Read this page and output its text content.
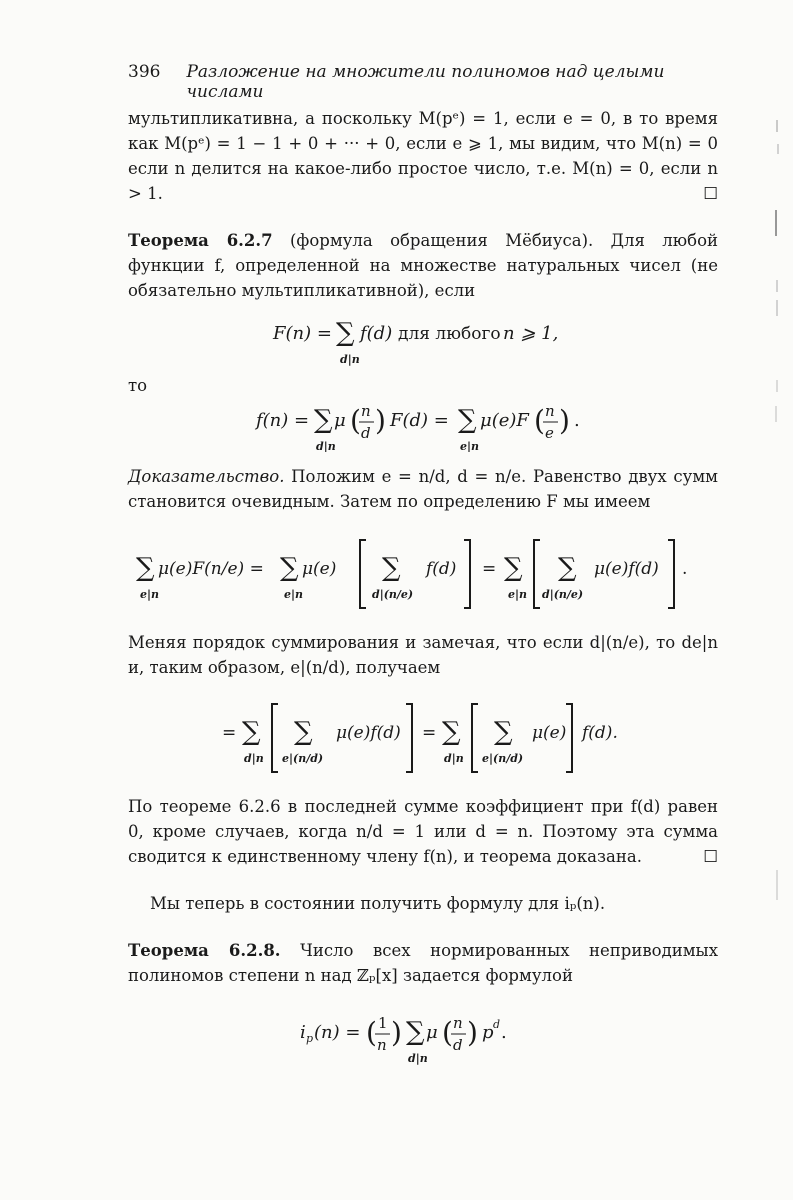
396 Разложение на множители полиномов над целыми числами

мультипликативна, а поскольку M(pᵉ) = 1, если e = 0, в то время как M(pᵉ) = 1 − 1 + 0 + ··· + 0, если e ⩾ 1, мы видим, что M(n) = 0 если n делится на какое-либо простое число, т.е. M(n) = 0, если n > 1.	☐

Теорема 6.2.7 (формула обращения Мёбиуса). Для любой функции f, определенной на множестве натуральных чисел (не обязательно мультипликативной), если

F(n) = ∑ f(d) для любого n ⩾ 1,
d|n

то

f(n) = ∑ μ ( n
d ) F(d) = ∑ μ(e)F ( n
e ) .
d|n	e|n

Доказательство. Положим e = n/d, d = n/e. Равенство двух сумм становится очевидным. Затем по определению F мы имеем

∑ μ(e)F(n/e) = ∑ μ(e) ∑ f(d) = ∑ ∑ μ(e)f(d) .
e|n	e|n	d|(n/e)	e|n d|(n/e)

Меняя порядок суммирования и замечая, что если d|(n/e), то de|n и, таким образом, e|(n/d), получаем

= ∑ ∑ μ(e)f(d) = ∑ ∑ μ(e) f(d).
d|n e|(n/d)	d|n e|(n/d)

По теореме 6.2.6 в последней сумме коэффициент при f(d) равен 0, кроме случаев, когда n/d = 1 или d = n. Поэтому эта сумма сводится к единственному члену f(n), и теорема доказана.	☐

Мы теперь в состоянии получить формулу для iₚ(n).

Теорема 6.2.8. Число всех нормированных неприводимых полиномов степени n над ℤₚ[x] задается формулой

i p (n) = ( 1
n ) ∑ μ ( n
d ) p d .
d|n
